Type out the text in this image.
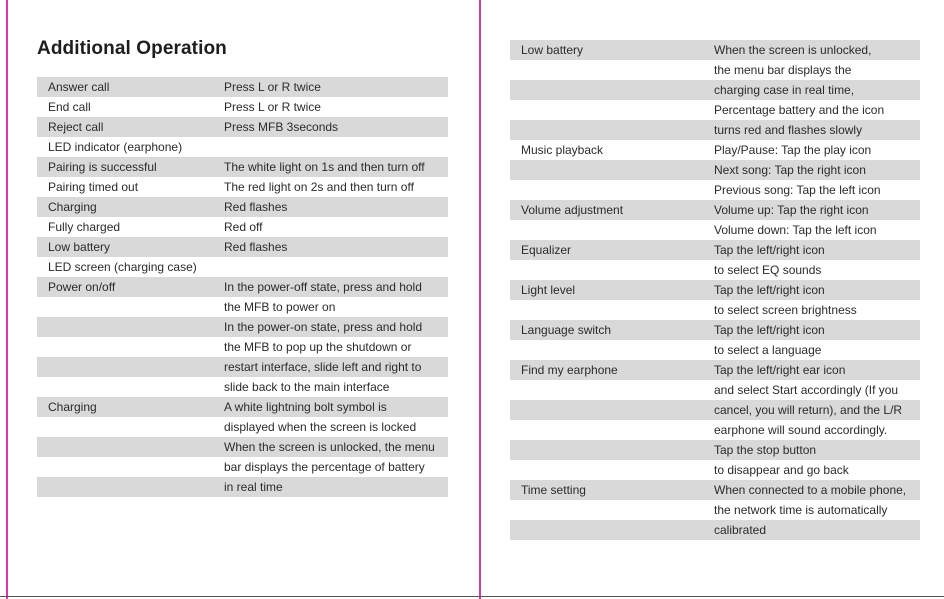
Additional Operation
Answer call	Press L or R twice
End call	Press L or R twice
Reject call	Press MFB 3seconds
LED indicator (earphone)
Pairing is successful	The white light on 1s and then turn off
Pairing timed out	The red light on 2s and then turn off
Charging	Red flashes
Fully charged	Red off
Low battery	Red flashes
LED screen (charging case)
Power on/off	In the power-off state, press and hold
the MFB to power on
In the power-on state, press and hold
the MFB to pop up the shutdown or
restart interface, slide left and right to
slide back to the main interface
Charging	A white lightning bolt symbol is
displayed when the screen is locked
When the screen is unlocked, the menu
bar displays the percentage of battery
in real time
Low battery	When the screen is unlocked,
the menu bar displays the
charging case in real time,
Percentage battery and the icon
turns red and flashes slowly
Music playback	Play/Pause: Tap the play icon
Next song: Tap the right icon
Previous song: Tap the left icon
Volume adjustment	Volume up: Tap the right icon
Volume down: Tap the left icon
Equalizer	Tap the left/right icon
to select EQ sounds
Light level	Tap the left/right icon
to select screen brightness
Language switch	Tap the left/right icon
to select a language
Find my earphone	Tap the left/right ear icon
and select Start accordingly (If you
cancel, you will return), and the L/R
earphone will sound accordingly.
Tap the stop button
to disappear and go back
Time setting	When connected to a mobile phone,
the network time is automatically
calibrated
